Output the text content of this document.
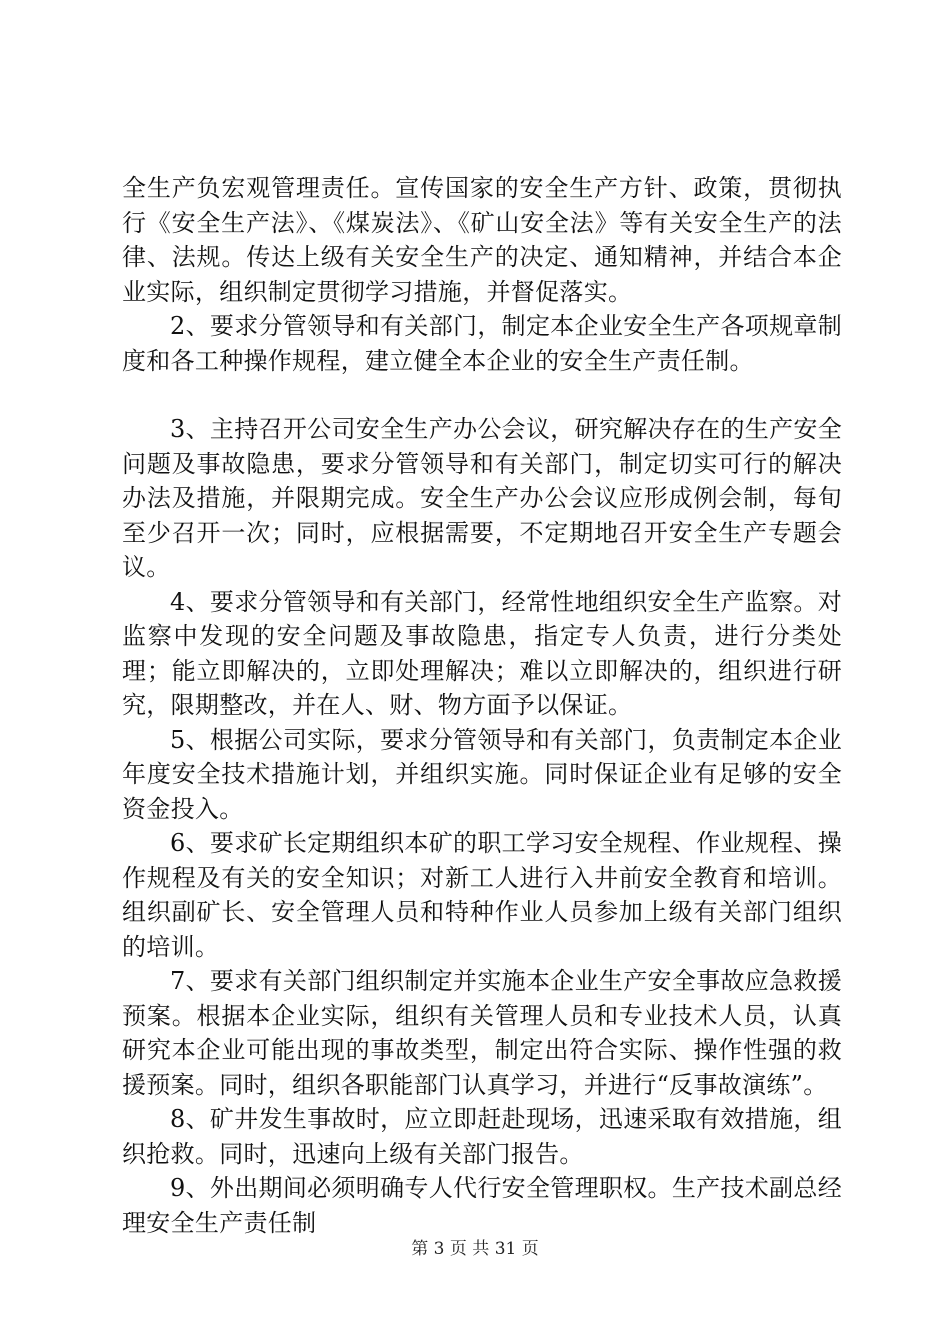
全生产负宏观管理责任。宣传国家的安全生产方针、政策，贯彻执行《安全生产法》、《煤炭法》、《矿山安全法》等有关安全生产的法律、法规。传达上级有关安全生产的决定、通知精神，并结合本企业实际，组织制定贯彻学习措施，并督促落实。

2、要求分管领导和有关部门，制定本企业安全生产各项规章制度和各工种操作规程，建立健全本企业的安全生产责任制。

3、主持召开公司安全生产办公会议，研究解决存在的生产安全问题及事故隐患，要求分管领导和有关部门，制定切实可行的解决办法及措施，并限期完成。安全生产办公会议应形成例会制，每旬至少召开一次；同时，应根据需要，不定期地召开安全生产专题会议。

4、要求分管领导和有关部门，经常性地组织安全生产监察。对监察中发现的安全问题及事故隐患，指定专人负责，进行分类处理；能立即解决的，立即处理解决；难以立即解决的，组织进行研究，限期整改，并在人、财、物方面予以保证。

5、根据公司实际，要求分管领导和有关部门，负责制定本企业年度安全技术措施计划，并组织实施。同时保证企业有足够的安全资金投入。

6、要求矿长定期组织本矿的职工学习安全规程、作业规程、操作规程及有关的安全知识；对新工人进行入井前安全教育和培训。组织副矿长、安全管理人员和特种作业人员参加上级有关部门组织的培训。

7、要求有关部门组织制定并实施本企业生产安全事故应急救援预案。根据本企业实际，组织有关管理人员和专业技术人员，认真研究本企业可能出现的事故类型，制定出符合实际、操作性强的救援预案。同时，组织各职能部门认真学习，并进行“反事故演练”。

8、矿井发生事故时，应立即赶赴现场，迅速采取有效措施，组织抢救。同时，迅速向上级有关部门报告。

9、外出期间必须明确专人代行安全管理职权。生产技术副总经理安全生产责任制

第 3 页 共 31 页
